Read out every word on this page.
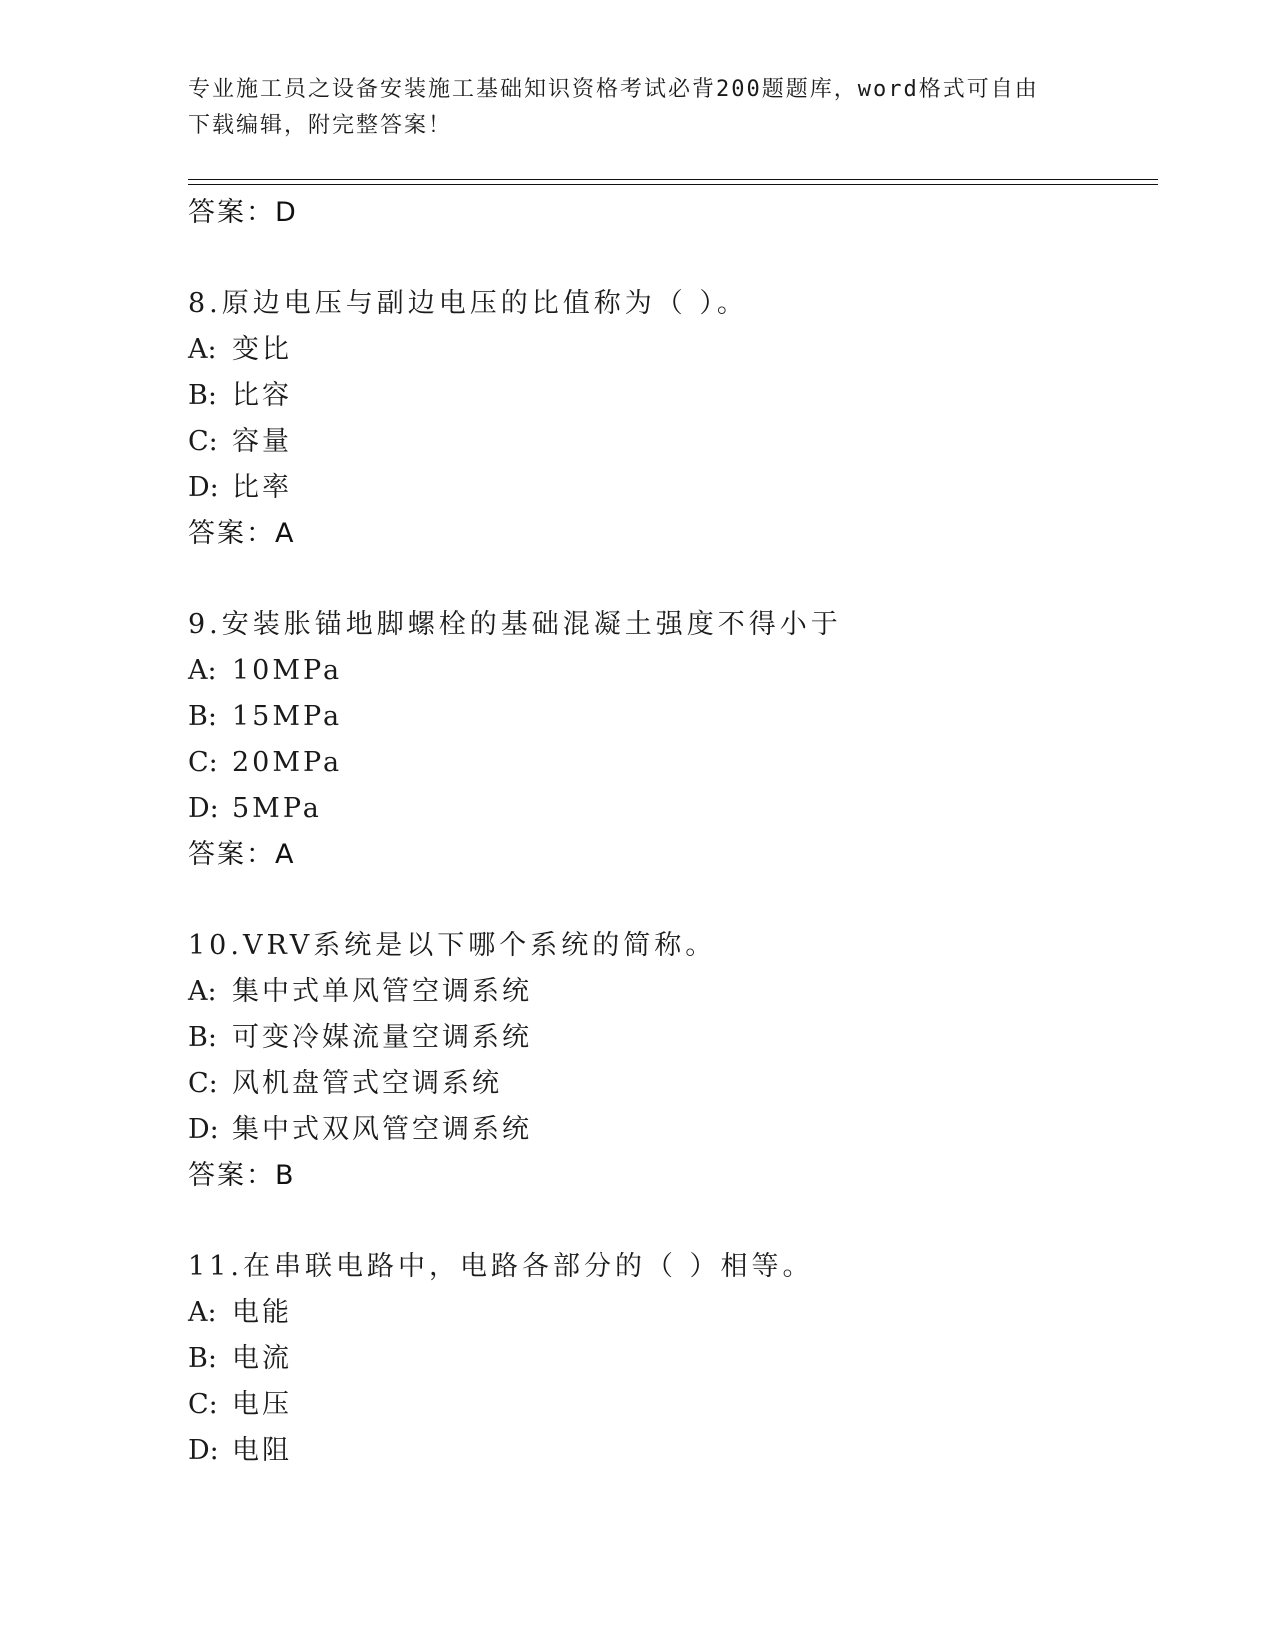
专业施工员之设备安装施工基础知识资格考试必背200题题库，word格式可自由
下载编辑，附完整答案！
答案：D
8.原边电压与副边电压的比值称为（ ）。
A: 变比
B: 比容
C: 容量
D: 比率
答案：A
9.安装胀锚地脚螺栓的基础混凝土强度不得小于
A: 10MPa
B: 15MPa
C: 20MPa
D: 5MPa
答案：A
10.VRV系统是以下哪个系统的简称。
A: 集中式单风管空调系统
B: 可变冷媒流量空调系统
C: 风机盘管式空调系统
D: 集中式双风管空调系统
答案：B
11.在串联电路中，电路各部分的（ ）相等。
A: 电能
B: 电流
C: 电压
D: 电阻
